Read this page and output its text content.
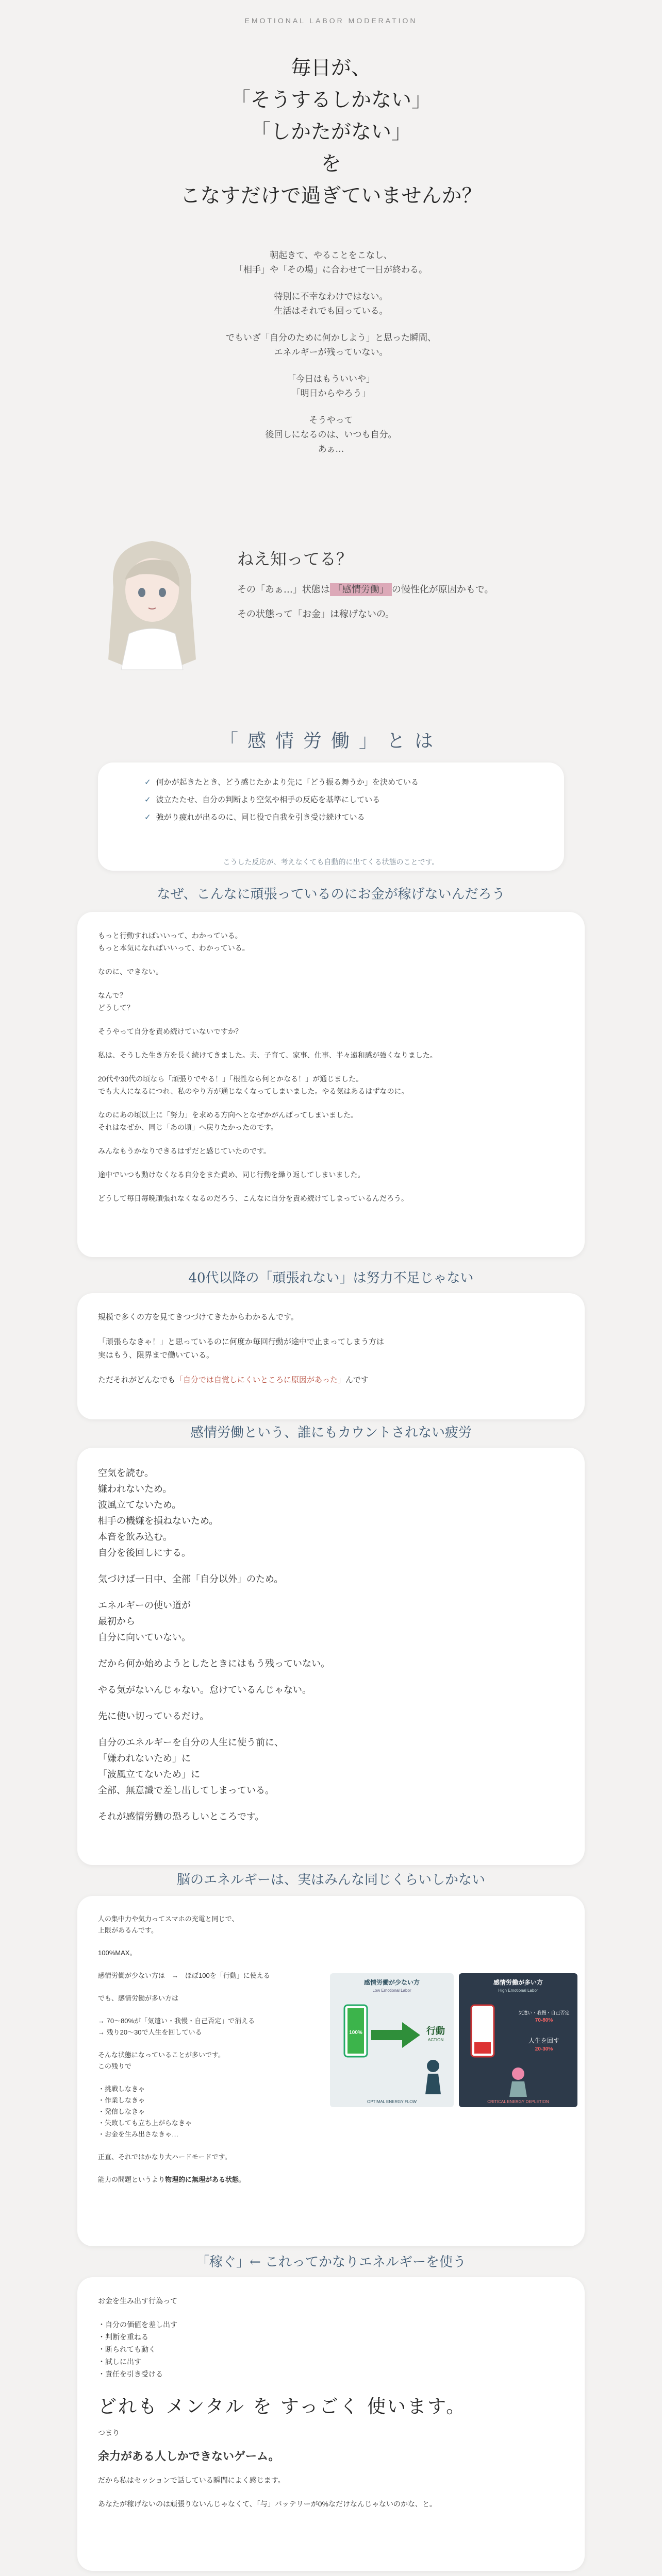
EMOTIONAL LABOR MODERATION
毎日が、
「そうするしかない」
「しかたがない」
を
こなすだけで過ぎていませんか？

朝起きて、やることをこなし、
「相手」や「その場」に合わせて一日が終わる。

特別に不幸なわけではない。
生活はそれでも回っている。

でもいざ「自分のために何かしよう」と思った瞬間、
エネルギーが残っていない。

「今日はもういいや」
「明日からやろう」

そうやって
後回しになるのは、いつも自分。
あぁ…

ねえ知ってる？
その「あぁ…」状態は 「感情労働」 の慢性化が原因かもで。
その状態って「お金」は稼げないの。
「感情労働」とは
✓ 何かが起きたとき、どう感じたかより先に「どう振る舞うか」を決めている
✓ 波立たたせ、自分の判断より空気や相手の反応を基準にしている
✓ 強がり疲れが出るのに、同じ役で自我を引き受け続けている
こうした反応が、考えなくても自動的に出てくる状態のことです。
なぜ、こんなに頑張っているのにお金が稼げないんだろう

もっと行動すればいいって、わかっている。
もっと本気になればいいって、わかっている。

なのに、できない。

なんで？
どうして？

そうやって自分を責め続けていないですか？

私は、そうした生き方を長く続けてきました。夫、子育て、家事、仕事、半々遠和感が強くなりました。

20代や30代の頃なら「頑張りでやる！」「根性なら何とかなる！」が通じました。
でも大人になるにつれ、私のやり方が通じなくなってしまいました。やる気はあるはずなのに。

なのにあの頃以上に「努力」を求める方向へとなぜかがんばってしまいました。
それはなぜか、同じ「あの頃」へ戻りたかったのです。

みんなもうかなりできるはずだと感じていたのです。

途中でいつも動けなくなる自分をまた責め、同じ行動を繰り返してしまいました。

どうして毎日毎晩頑張れなくなるのだろう、こんなに自分を責め続けてしまっているんだろう。

40代以降の「頑張れない」は努力不足じゃない

規模で多くの方を見てきつづけてきたからわかるんです。

「頑張らなきゃ！」と思っているのに何度か毎回行動が途中で止まってしまう方は
実はもう、限界まで働いている。

ただそれがどんなでも「自分では自覚しにくいところに原因があった」んです

感情労働という、誰にもカウントされない疲労

空気を読む。
嫌われないため。
波風立てないため。
相手の機嫌を損ねないため。
本音を飲み込む。
自分を後回しにする。

気づけば一日中、全部「自分以外」のため。

エネルギーの使い道が
最初から
自分に向いていない。

だから何か始めようとしたときにはもう残っていない。

やる気がないんじゃない。怠けているんじゃない。

先に使い切っているだけ。

自分のエネルギーを自分の人生に使う前に、
「嫌われないため」に
「波風立てないため」に
全部、無意識で差し出してしまっている。

それが感情労働の恐ろしいところです。

脳のエネルギーは、実はみんな同じくらいしかない

人の集中力や気力ってスマホの充電と同じで、
上限があるんです。

100%MAX。

感情労働が少ない方は　→　ほぼ100を「行動」に使える

でも、感情労働が多い方は

→ 70〜80%が「気遣い・我慢・自己否定」で消える
→ 残り20〜30で人生を回している

そんな状態になっていることが多いです。
この残りで

・挑戦しなきゃ
・作業しなきゃ
・発信しなきゃ
・失敗しても立ち上がらなきゃ
・お金を生み出さなきゃ…

正直、それではかなり大ハードモードです。

能力の問題というより物理的に無理がある状態。

感情労働が少ない方
Low Emotional Labor
100%	行動
ACTION
OPTIMAL ENERGY FLOW
感情労働が多い方
High Emotional Labor
気遣い・我慢・自己否定
70-80%
人生を回す
20-30%
CRITICAL ENERGY DEPLETION
「稼ぐ」← これってかなりエネルギーを使う

お金を生み出す行為って

・自分の価値を差し出す
・判断を重ねる
・断られても動く
・試しに出す
・責任を引き受ける

どれも メンタル を すっごく 使います。

つまり

余力がある人しかできないゲーム。

だから私はセッションで話している瞬間によく感じます。

あなたが稼げないのは頑張りないんじゃなくて、「与」バッテリーが0%なだけなんじゃないのかな、と。
